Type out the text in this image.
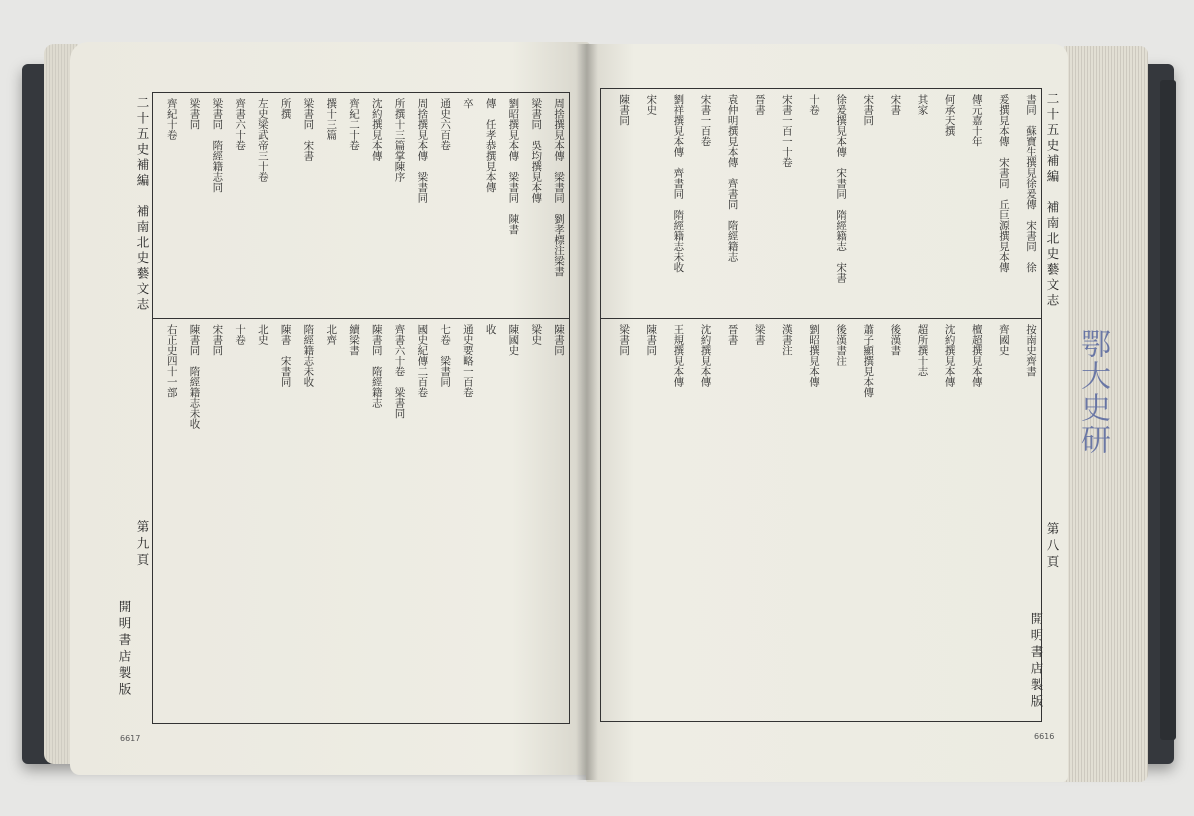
二十五史補編　補南北史藝文志
第九頁
開明書店製版
6617
周捨撰見本傳　梁書同　劉孝標注梁書
梁書同　吳均撰見本傳
劉昭撰見本傳　梁書同　陳書
傳　任孝恭撰見本傳
卒
通史六百卷
周捨撰見本傳　梁書同
所撰十三篇掌陳序
沈約撰見本傳
齊紀二十卷
撰十三篇
梁書同　宋書
所撰
左史梁武帝三十卷
齊書六十卷
梁書同　隋經籍志同
梁書同
齊紀十卷
陳書同
梁史
陳國史
收
通史要略一百卷
七卷　梁書同
國史紀傳二百卷
齊書六十卷　梁書同
陳書同　隋經籍志
續梁書
北齊
隋經籍志未收
陳書　宋書同
北史
十卷
宋書同
陳書同　隋經籍志未收
右正史四十一部
二十五史補編　補南北史藝文志
第八頁
開明書店製版
6616
書同　蘇寶生撰見徐爰傳　宋書同　徐
爰撰見本傳　宋書同　丘巨源撰見本傳
傳元嘉十年
何承天撰
其家
宋書
宋書同
徐爰撰見本傳　宋書同　隋經籍志　宋書
十卷
宋書一百一十卷
晉書
袁仲明撰見本傳　齊書同　隋經籍志
宋書一百卷
劉祥撰見本傳　齊書同　隋經籍志未收
宋史
陳書同
按南史齊書
齊國史
檀超撰見本傳
沈約撰見本傳
超所撰十志
後漢書
蕭子顯撰見本傳
後漢書注
劉昭撰見本傳
漢書注
梁書
晉書
沈約撰見本傳
王規撰見本傳
陳書同
梁書同	鄂大史研
